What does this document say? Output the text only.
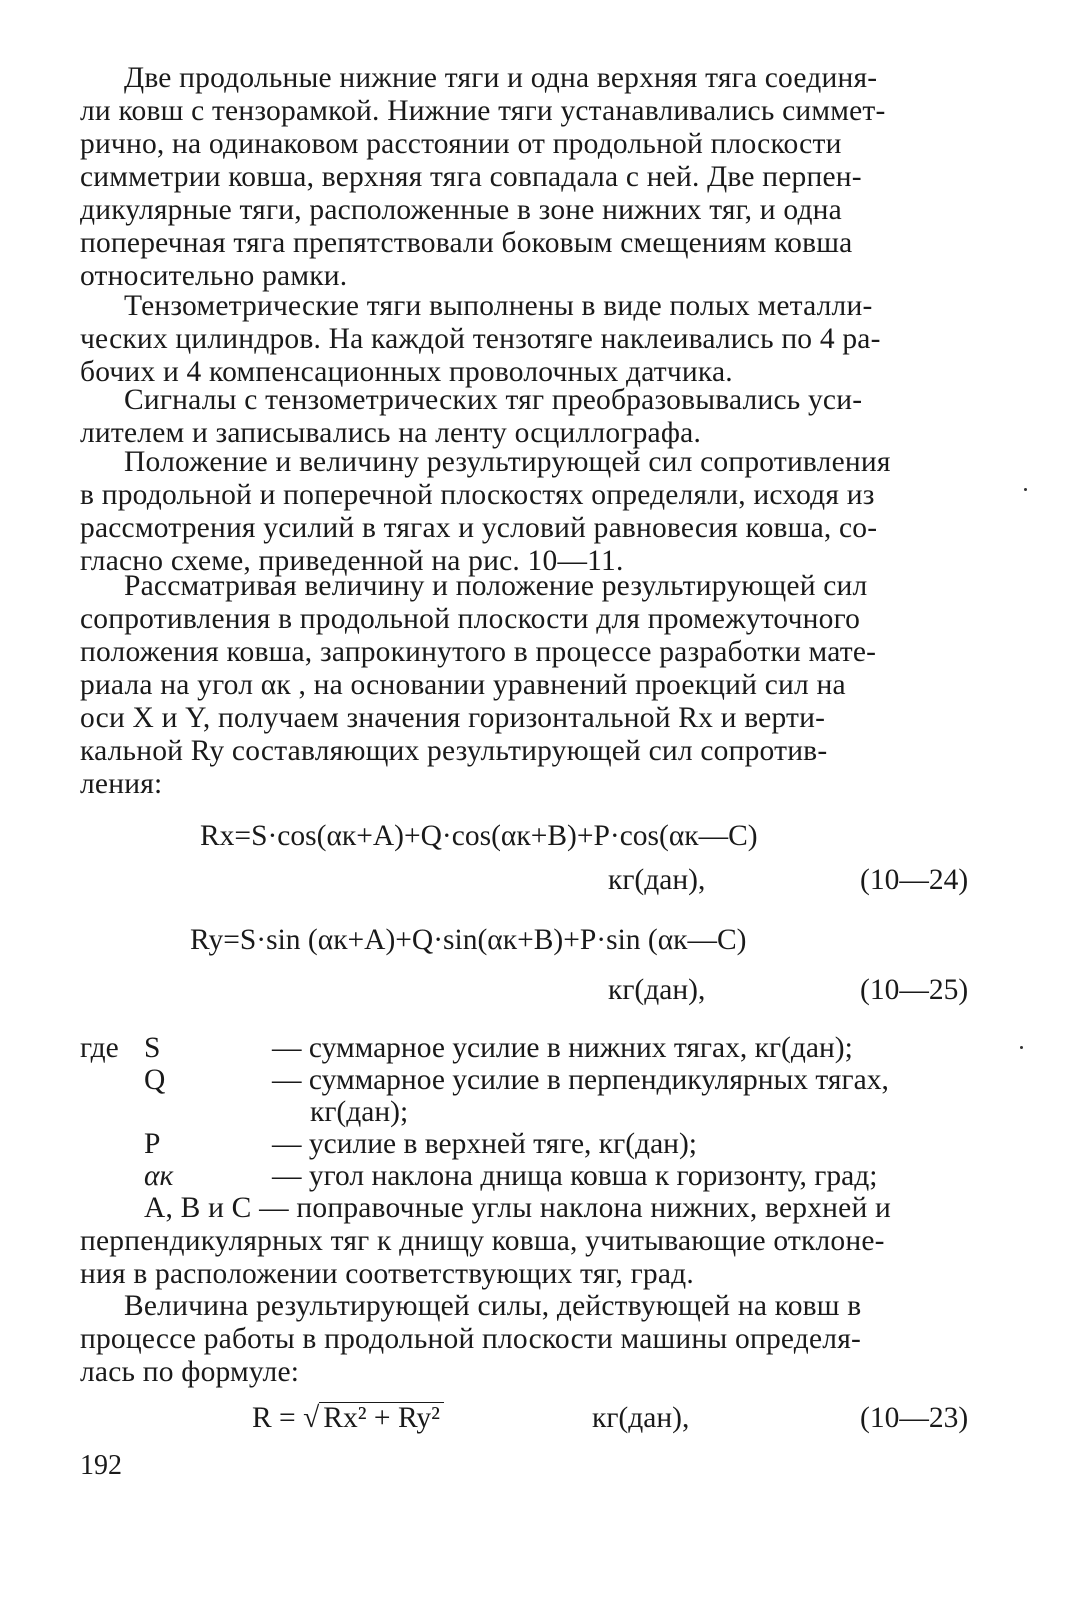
Две продольные нижние тяги и одна верхняя тяга соединя-
ли ковш с тензорамкой. Нижние тяги устанавливались симмет-
рично, на одинаковом расстоянии от продольной плоскости
симметрии ковша, верхняя тяга совпадала с ней. Две перпен-
дикулярные тяги, расположенные в зоне нижних тяг, и одна
поперечная тяга препятствовали боковым смещениям ковша
относительно рамки.
Тензометрические тяги выполнены в виде полых металли-
ческих цилиндров. На каждой тензотяге наклеивались по 4 ра-
бочих и 4 компенсационных проволочных датчика.
Сигналы с тензометрических тяг преобразовывались уси-
лителем и записывались на ленту осциллографа.
Положение и величину результирующей сил сопротивления
в продольной и поперечной плоскостях определяли, исходя из
рассмотрения усилий в тягах и условий равновесия ковша, со-
гласно схеме, приведенной на рис. 10—11.
Рассматривая величину и положение результирующей сил
сопротивления в продольной плоскости для промежуточного
положения ковша, запрокинутого в процессе разработки мате-
риала на угол αк , на основании уравнений проекций сил на
оси X и Y, получаем значения горизонтальной Rx и верти-
кальной Ry составляющих результирующей сил сопротив-
ления:
Rx=S·cos(αк+A)+Q·cos(αк+B)+P·cos(αк—C)
кг(дан),	(10—24)
Ry=S·sin (αк+A)+Q·sin(αк+B)+P·sin (αк—C)
кг(дан),	(10—25)
где S	— суммарное усилие в нижних тягах, кг(дан);
Q	— суммарное усилие в перпендикулярных тягах,
кг(дан);
P	— усилие в верхней тяге, кг(дан);
αк	— угол наклона днища ковша к горизонту, град;
A, B и C — поправочные углы наклона нижних, верхней и
перпендикулярных тяг к днищу ковша, учитывающие отклоне-
ния в расположении соответствующих тяг, град.
Величина результирующей силы, действующей на ковш в
процессе работы в продольной плоскости машины определя-
лась по формуле:
R = √ Rx² + Ry²	кг(дан),	(10—23)
192
